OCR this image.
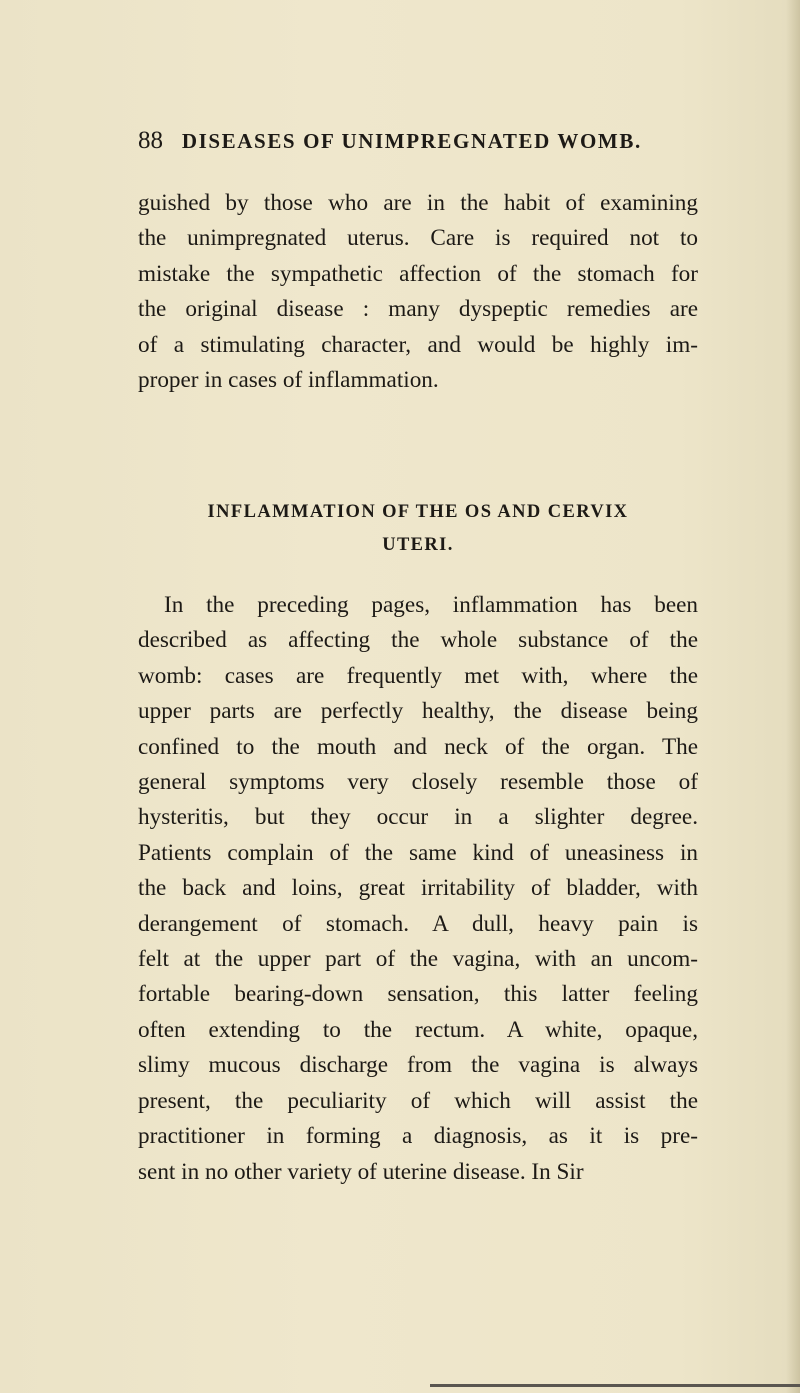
88 DISEASES OF UNIMPREGNATED WOMB.
guished by those who are in the habit of examining
the unimpregnated uterus. Care is required not to
mistake the sympathetic affection of the stomach for
the original disease : many dyspeptic remedies are
of a stimulating character, and would be highly im-
proper in cases of inflammation.
INFLAMMATION OF THE OS AND CERVIX
UTERI.
In the preceding pages, inflammation has been
described as affecting the whole substance of the
womb: cases are frequently met with, where the
upper parts are perfectly healthy, the disease being
confined to the mouth and neck of the organ. The
general symptoms very closely resemble those of
hysteritis, but they occur in a slighter degree.
Patients complain of the same kind of uneasiness in
the back and loins, great irritability of bladder, with
derangement of stomach. A dull, heavy pain is
felt at the upper part of the vagina, with an uncom-
fortable bearing-down sensation, this latter feeling
often extending to the rectum. A white, opaque,
slimy mucous discharge from the vagina is always
present, the peculiarity of which will assist the
practitioner in forming a diagnosis, as it is pre-
sent in no other variety of uterine disease. In Sir
